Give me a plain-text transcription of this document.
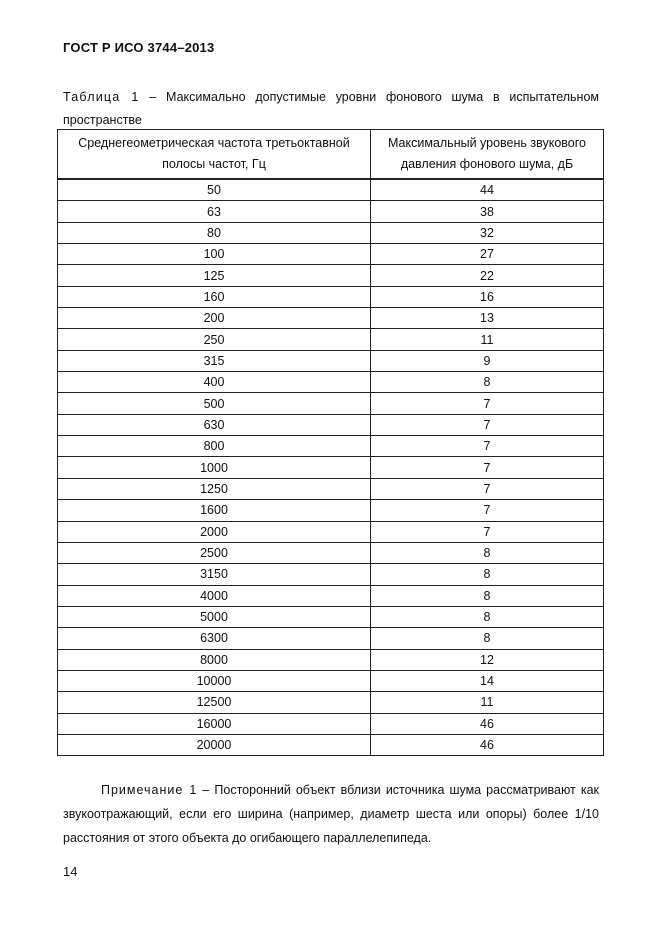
ГОСТ Р ИСО 3744–2013
Таблица 1 – Максимально допустимые уровни фонового шума в испытательном пространстве
Среднегеометрическая частота третьоктавной полосы частот, Гц	Максимальный уровень звукового давления фонового шума, дБ
50	44
63	38
80	32
100	27
125	22
160	16
200	13
250	11
315	9
400	8
500	7
630	7
800	7
1000	7
1250	7
1600	7
2000	7
2500	8
3150	8
4000	8
5000	8
6300	8
8000	12
10000	14
12500	11
16000	46
20000	46
Примечание 1 – Посторонний объект вблизи источника шума рассматривают как звукоотражающий, если его ширина (например, диаметр шеста или опоры) более 1/10 расстояния от этого объекта до огибающего параллелепипеда.
14
